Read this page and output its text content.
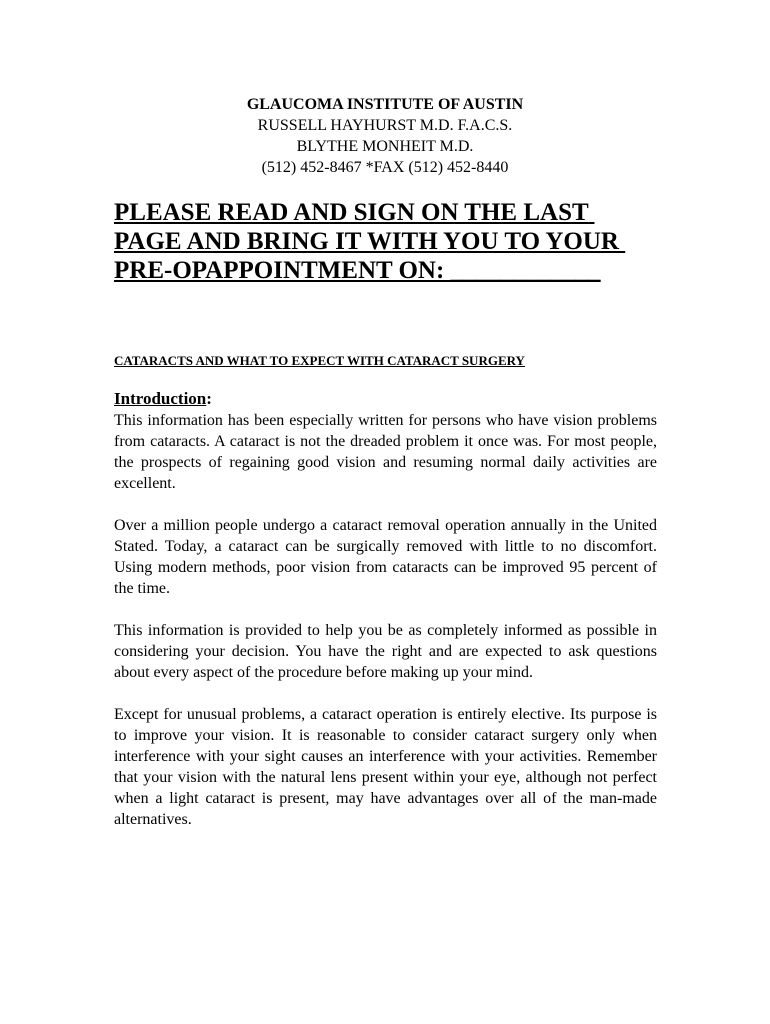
GLAUCOMA INSTITUTE OF AUSTIN
RUSSELL HAYHURST M.D. F.A.C.S.
BLYTHE MONHEIT M.D.
(512) 452-8467 *FAX (512) 452-8440
PLEASE READ AND SIGN ON THE LAST
PAGE AND BRING IT WITH YOU TO YOUR
PRE-OPAPPOINTMENT ON: ____________
CATARACTS AND WHAT TO EXPECT WITH CATARACT SURGERY
Introduction:

This information has been especially written for persons who have vision problems from cataracts. A cataract is not the dreaded problem it once was. For most people, the prospects of regaining good vision and resuming normal daily activities are excellent.

Over a million people undergo a cataract removal operation annually in the United Stated. Today, a cataract can be surgically removed with little to no discomfort. Using modern methods, poor vision from cataracts can be improved 95 percent of the time.

This information is provided to help you be as completely informed as possible in considering your decision. You have the right and are expected to ask questions about every aspect of the procedure before making up your mind.

Except for unusual problems, a cataract operation is entirely elective. Its purpose is to improve your vision. It is reasonable to consider cataract surgery only when interference with your sight causes an interference with your activities. Remember that your vision with the natural lens present within your eye, although not perfect when a light cataract is present, may have advantages over all of the man-made alternatives.
